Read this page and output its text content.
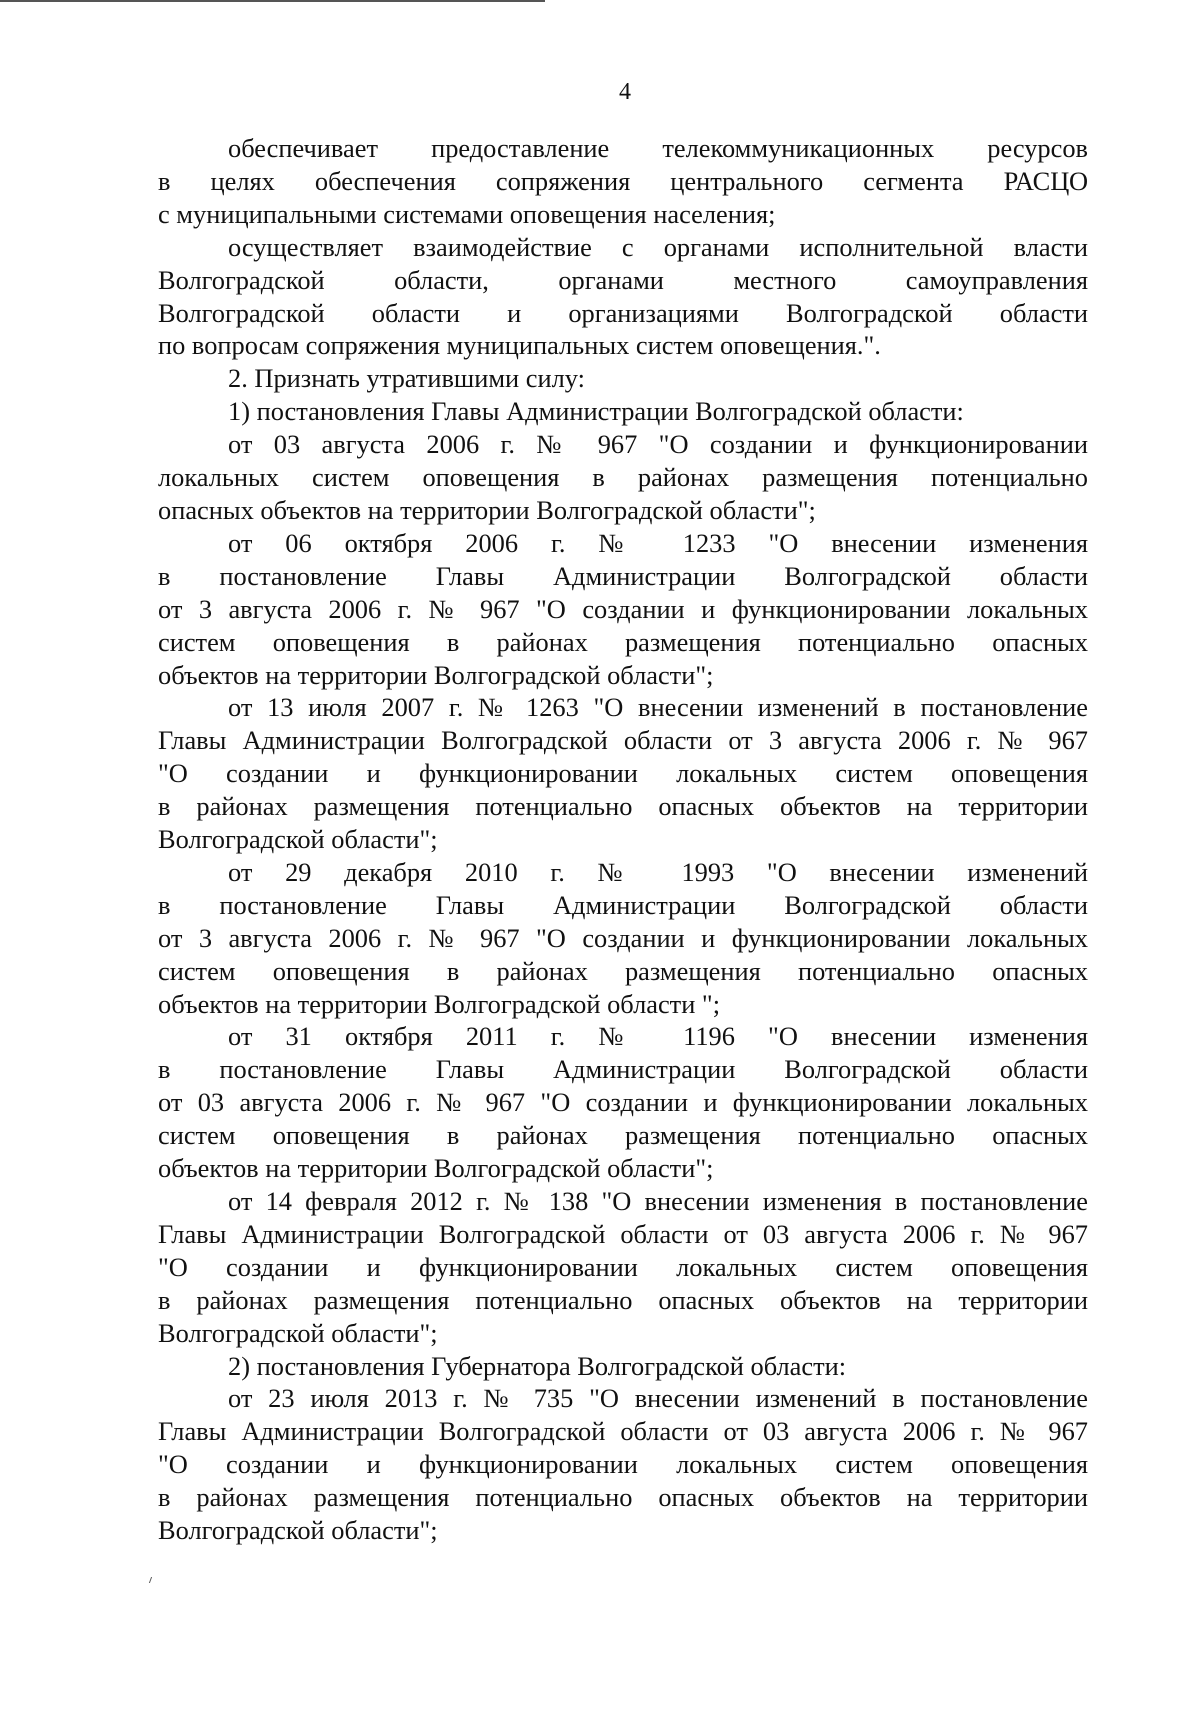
4
обеспечивает предоставление телекоммуникационных ресурсов
в целях обеспечения сопряжения центрального сегмента РАСЦО
с муниципальными системами оповещения населения;
осуществляет взаимодействие с органами исполнительной власти
Волгоградской области, органами местного самоуправления
Волгоградской области и организациями Волгоградской области
по вопросам сопряжения муниципальных систем оповещения.".
2. Признать утратившими силу:
1) постановления Главы Администрации Волгоградской области:
от 03 августа 2006 г. № 967 "О создании и функционировании
локальных систем оповещения в районах размещения потенциально
опасных объектов на территории Волгоградской области";
от 06 октября 2006 г. № 1233 "О внесении изменения
в постановление Главы Администрации Волгоградской области
от 3 августа 2006 г. № 967 "О создании и функционировании локальных
систем оповещения в районах размещения потенциально опасных
объектов на территории Волгоградской области";
от 13 июля 2007 г. № 1263 "О внесении изменений в постановление
Главы Администрации Волгоградской области от 3 августа 2006 г. № 967
"О создании и функционировании локальных систем оповещения
в районах размещения потенциально опасных объектов на территории
Волгоградской области";
от 29 декабря 2010 г. № 1993 "О внесении изменений
в постановление Главы Администрации Волгоградской области
от 3 августа 2006 г. № 967 "О создании и функционировании локальных
систем оповещения в районах размещения потенциально опасных
объектов на территории Волгоградской области ";
от 31 октября 2011 г. № 1196 "О внесении изменения
в постановление Главы Администрации Волгоградской области
от 03 августа 2006 г. № 967 "О создании и функционировании локальных
систем оповещения в районах размещения потенциально опасных
объектов на территории Волгоградской области";
от 14 февраля 2012 г. № 138 "О внесении изменения в постановление
Главы Администрации Волгоградской области от 03 августа 2006 г. № 967
"О создании и функционировании локальных систем оповещения
в районах размещения потенциально опасных объектов на территории
Волгоградской области";
2) постановления Губернатора Волгоградской области:
от 23 июля 2013 г. № 735 "О внесении изменений в постановление
Главы Администрации Волгоградской области от 03 августа 2006 г. № 967
"О создании и функционировании локальных систем оповещения
в районах размещения потенциально опасных объектов на территории
Волгоградской области";
